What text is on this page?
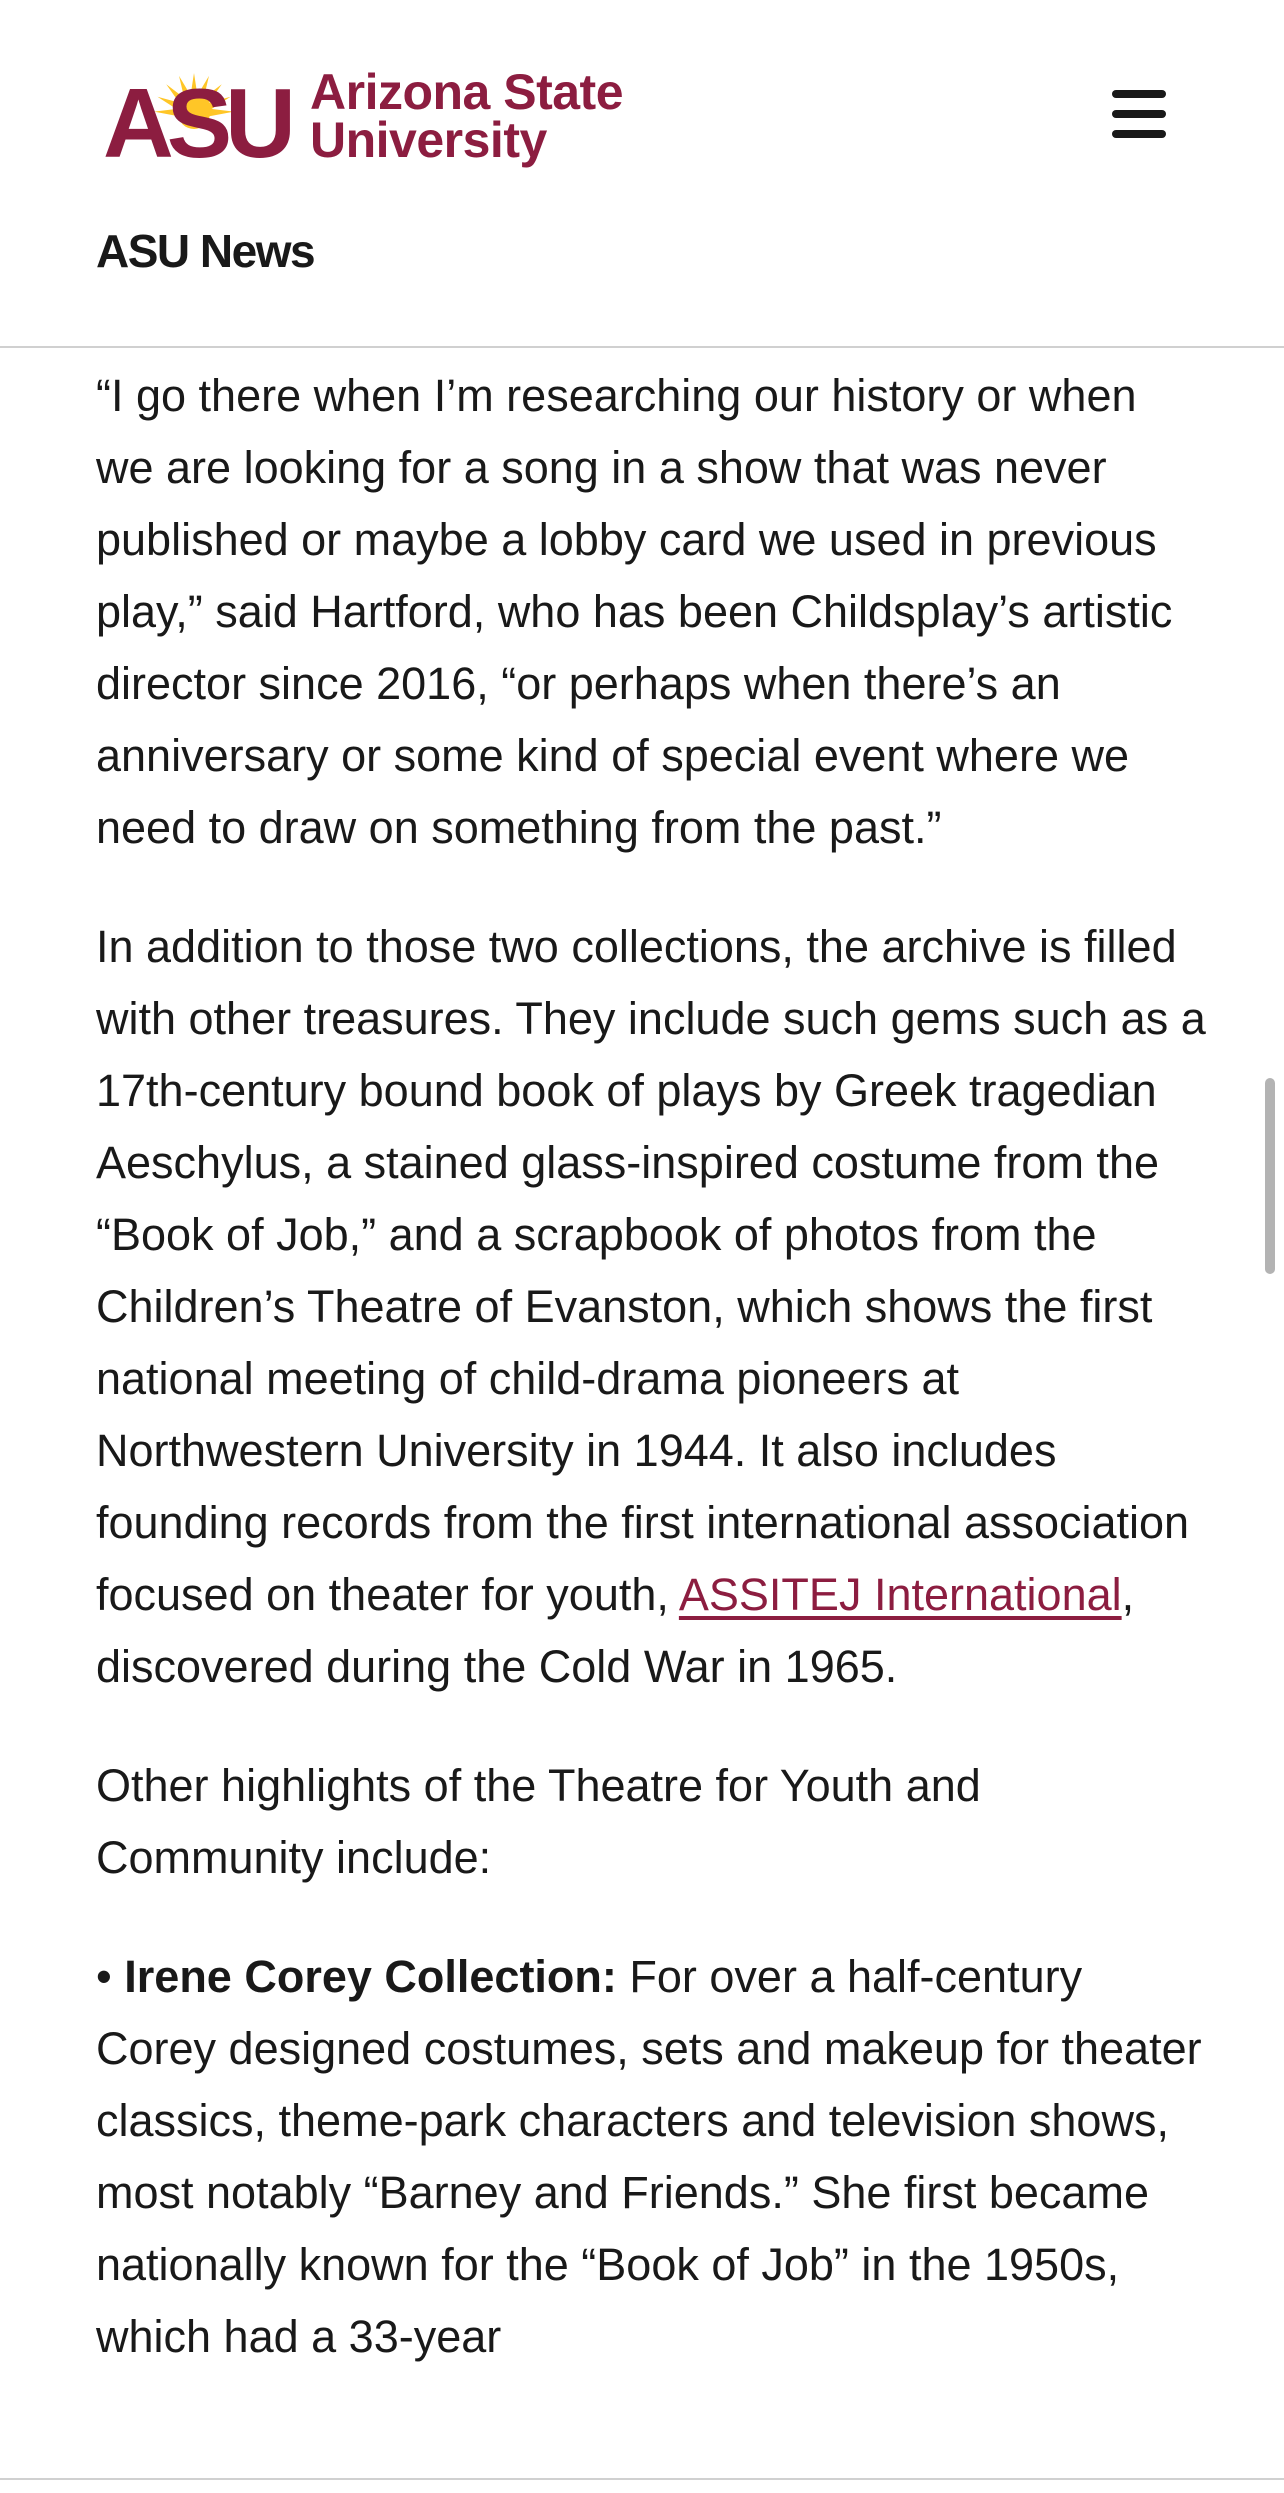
ASU Arizona State
University
ASU News

“I go there when I’m researching our history or when we are looking for a song in a show that was never published or maybe a lobby card we used in previous play,” said Hartford, who has been Childsplay’s artistic director since 2016, “or perhaps when there’s an anniversary or some kind of special event where we need to draw on something from the past.”

In addition to those two collections, the archive is filled with other treasures. They include such gems such as a 17th-century bound book of plays by Greek tragedian Aeschylus, a stained glass-inspired costume from the “Book of Job,” and a scrapbook of photos from the Children’s Theatre of Evanston, which shows the first national meeting of child-drama pioneers at Northwestern University in 1944. It also includes founding records from the first international association focused on theater for youth, ASSITEJ International, discovered during the Cold War in 1965.

Other highlights of the Theatre for Youth and Community include:

• Irene Corey Collection: For over a half-century Corey designed costumes, sets and makeup for theater classics, theme-park characters and television shows, most notably “Barney and Friends.” She first became nationally known for the “Book of Job” in the 1950s, which had a 33-year
